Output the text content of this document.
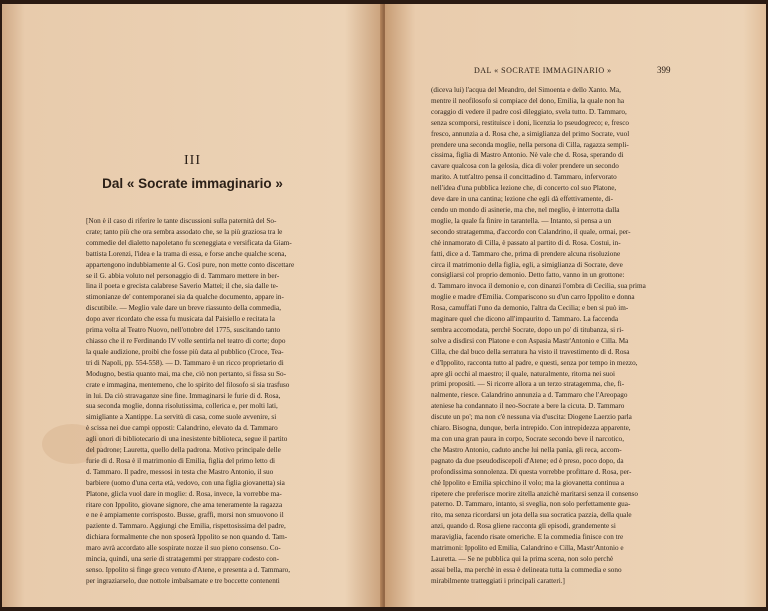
III
Dal « Socrate immaginario »
[Non è il caso di riferire le tante discussioni sulla paternità del So-
crate; tanto più che ora sembra assodato che, se la più graziosa tra le
commedie del dialetto napoletano fu sceneggiata e versificata da Giam-
battista Lorenzi, l'idea e la trama di essa, e forse anche qualche scena,
appartengono indubbiamente al G. Così pure, non mette conto discettare
se il G. abbia voluto nel personaggio di d. Tammaro mettere in ber-
lina il poeta e grecista calabrese Saverio Mattei; il che, sia dalle te-
stimonianze de' contemporanei sia da qualche documento, appare in-
discutibile. — Meglio vale dare un breve riassunto della commedia,
dopo aver ricordato che essa fu musicata dal Paisiello e recitata la
prima volta al Teatro Nuovo, nell'ottobre del 1775, suscitando tanto
chiasso che il re Ferdinando IV volle sentirla nel teatro di corte; dopo
la quale audizione, proibì che fosse più data al pubblico (Croce, Tea-
tri di Napoli, pp. 554-558). — D. Tammaro è un ricco proprietario di
Modugno, bestia quanto mai, ma che, ciò non pertanto, si fissa su So-
crate e immagina, mentemeno, che lo spirito del filosofo si sia trasfuso
in lui. Da ciò stravaganze sine fine. Immaginarsi le furie di d. Rosa,
sua seconda moglie, donna risolutissima, collerica e, per molti lati,
simigliante a Xantippe. La servitù di casa, come suole avvenire, si
è scissa nei due campi opposti: Calandrino, elevato da d. Tammaro
agli onori di bibliotecario di una inesistente biblioteca, segue il partito
del padrone; Lauretta, quello della padrona. Motivo principale delle
furie di d. Rosa è il matrimonio di Emilia, figlia del primo letto di
d. Tammaro. Il padre, messosi in testa che Mastro Antonio, il suo
barbiere (uomo d'una certa età, vedovo, con una figlia giovanetta) sia
Platone, glicla vuol dare in moglie: d. Rosa, invece, la vorrebbe ma-
ritare con Ippolito, giovane signore, che ama teneramente la ragazza
e ne è ampiamente corrisposto. Busse, graffi, morsi non smuovono il
paziente d. Tammaro. Aggiungi che Emilia, rispettosissima del padre,
dichiara formalmente che non sposerà Ippolito se non quando d. Tam-
maro avrà accordato alle sospirate nozze il suo pieno consenso. Co-
mincia, quindi, una serie di stratagemmi per strappare codesto con-
senso. Ippolito si finge greco venuto d'Atene, e presenta a d. Tammaro,
per ingraziarselo, due nottole imbalsamate e tre boccette contenenti
DAL « SOCRATE IMMAGINARIO »	399
(diceva lui) l'acqua del Meandro, del Simoenta e dello Xanto. Ma,
mentre il neofilosofo si compiace del dono, Emilia, la quale non ha
coraggio di vedere il padre così dileggiato, svela tutto. D. Tammaro,
senza scomporsi, restituisce i doni, licenzia lo pseudogreco; e, fresco
fresco, annunzia a d. Rosa che, a simiglianza del primo Socrate, vuol
prendere una seconda moglie, nella persona di Cilla, ragazza sempli-
cissima, figlia di Mastro Antonio. Nè vale che d. Rosa, sperando di
cavare qualcosa con la gelosia, dica di voler prendere un secondo
marito. A tutt'altro pensa il concittadino d. Tammaro, infervorato
nell'idea d'una pubblica lezione che, di concerto col suo Platone,
deve dare in una cantina; lezione che egli dà effettivamente, di-
cendo un mondo di asinerie, ma che, nel meglio, è interrotta dalla
moglie, la quale fa finire in tarantella. — Intanto, si pensa a un
secondo stratagemma, d'accordo con Calandrino, il quale, ormai, per-
chè innamorato di Cilla, è passato al partito di d. Rosa. Costui, in-
fatti, dice a d. Tammaro che, prima di prendere alcuna risoluzione
circa il matrimonio della figlia, egli, a simiglianza di Socrate, deve
consigliarsi col proprio demonio. Detto fatto, vanno in un grottone:
d. Tammaro invoca il demonio e, con dinanzi l'ombra di Cecilia, sua prima
moglie e madre d'Emilia. Compariscono su d'un carro Ippolito e donna
Rosa, camuffati l'uno da demonio, l'altra da Cecilia; e ben si può im-
maginare quel che dicono all'impaurito d. Tammaro. La faccenda
sembra accomodata, perchè Socrate, dopo un po' di titubanza, si ri-
solve a disdirsi con Platone e con Aspasia Mastr'Antonio e Cilla. Ma
Cilla, che dal buco della serratura ha visto il travestimento di d. Rosa
e d'Ippolito, racconta tutto al padre, e questi, senza por tempo in mezzo,
apre gli occhi al maestro; il quale, naturalmente, ritorna nei suoi
primi propositi. — Si ricorre allora a un terzo stratagemma, che, fi-
nalmente, riesce. Calandrino annunzia a d. Tammaro che l'Areopago
ateniese ha condannato il neo-Socrate a bere la cicuta. D. Tammaro
discute un po'; ma non c'è nessuna via d'uscita: Diogene Laerzio parla
chiaro. Bisogna, dunque, berla intrepido. Con intrepidezza apparente,
ma con una gran paura in corpo, Socrate secondo beve il narcotico,
che Mastro Antonio, caduto anche lui nella panìa, gli reca, accom-
pagnato da due pseudodiscepoli d'Atene; ed è preso, poco dopo, da
profondissima sonnolenza. Di questa vorrebbe profittare d. Rosa, per-
chè Ippolito e Emilia spicchino il volo; ma la giovanetta continua a
ripetere che preferisce morire zitella anzichè maritarsi senza il consenso
paterno. D. Tammaro, intanto, si sveglia, non solo perfettamente gua-
rito, ma senza ricordarsi un jota della sua socratica pazzia, della quale
anzi, quando d. Rosa gliene racconta gli episodi, grandemente si
maraviglia, facendo risate omeriche. E la commedia finisce con tre
matrimoni: Ippolito ed Emilia, Calandrino e Cilla, Mastr'Antonio e
Lauretta. — Se ne pubblica qui la prima scena, non solo perchè
assai bella, ma perchè in essa è delineata tutta la commedia e sono
mirabilmente tratteggiati i principali caratteri.]
